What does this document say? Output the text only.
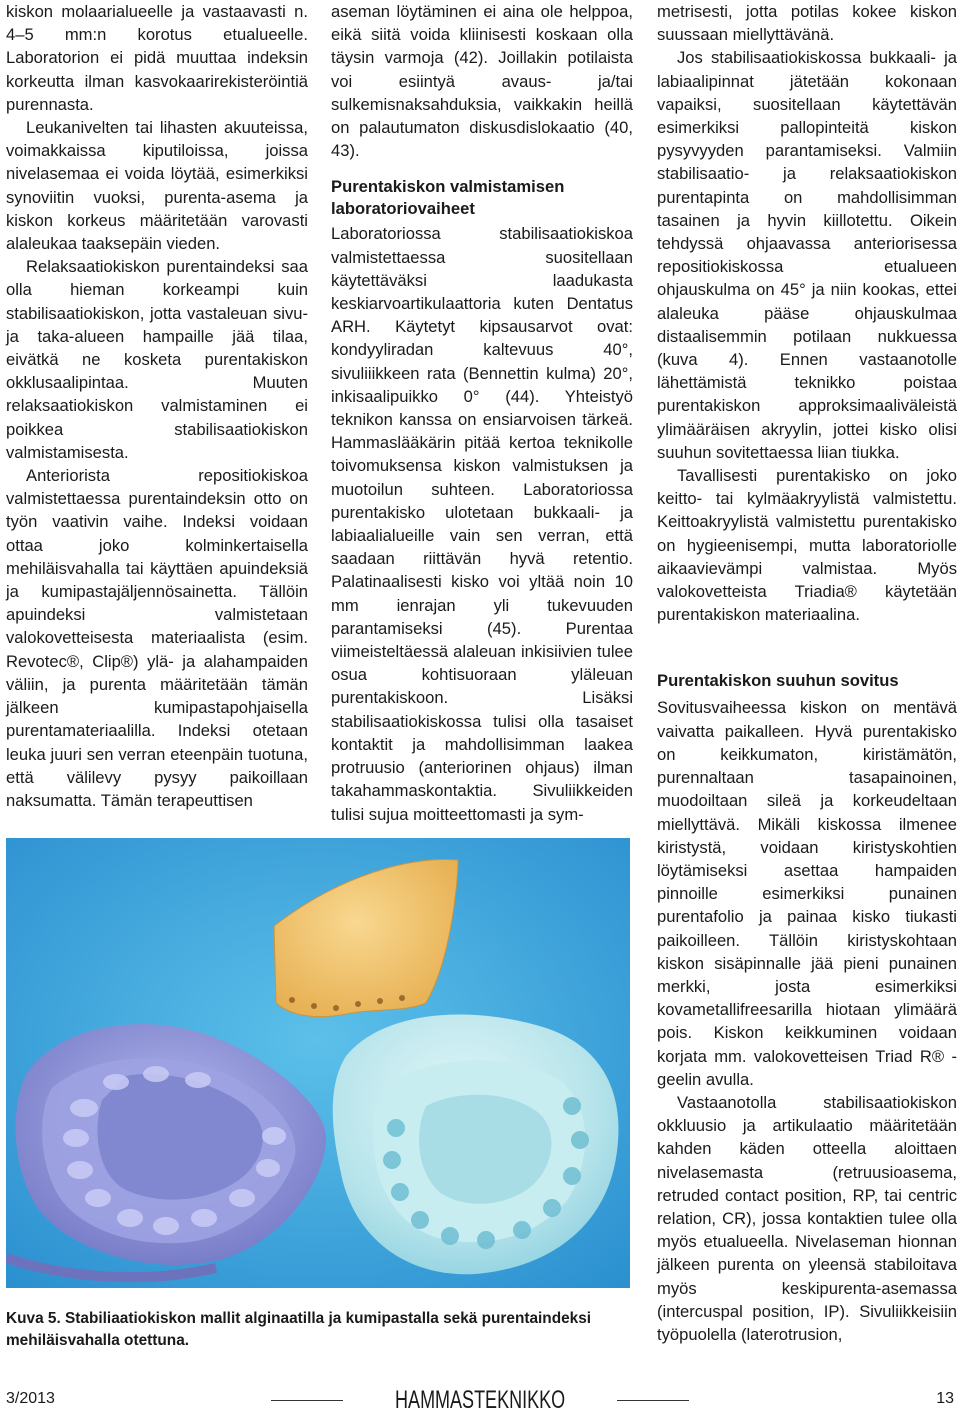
kiskon molaarialueelle ja vastaavasti n. 4–5 mm:n korotus etualueelle. Laboratorion ei pidä muuttaa indeksin korkeutta ilman kasvokaarirekisteröintiä purennasta.

Leukanivelten tai lihasten akuuteissa, voimakkaissa kiputiloissa, joissa nivelasemaa ei voida löytää, esimerkiksi synoviitin vuoksi, purenta-asema ja kiskon korkeus määritetään varovasti alaleukaa taaksepäin vieden.

Relaksaatiokiskon purentaindeksi saa olla hieman korkeampi kuin stabilisaatiokiskon, jotta vastaleuan sivu- ja taka-alueen hampaille jää tilaa, eivätkä ne kosketa purentakiskon okklusaalipintaa. Muuten relaksaatiokiskon valmistaminen ei poikkea stabilisaatiokiskon valmistamisesta.

Anteriorista repositiokiskoa valmistettaessa purentaindeksin otto on työn vaativin vaihe. Indeksi voidaan ottaa joko kolminkertaisella mehiläisvahalla tai käyttäen apuindeksiä ja kumipastajäljennösainetta. Tällöin apuindeksi valmistetaan valokovetteisesta materiaalista (esim. Revotec®, Clip®) ylä- ja alahampaiden väliin, ja purenta määritetään tämän jälkeen kumipastapohjaisella purentamateriaalilla. Indeksi otetaan leuka juuri sen verran eteenpäin tuotuna, että välilevy pysyy paikoillaan naksumatta. Tämän terapeuttisen

aseman löytäminen ei aina ole helppoa, eikä siitä voida kliinisesti koskaan olla täysin varmoja (42). Joillakin potilaista voi esiintyä avaus- ja/tai sulkemisnaksahduksia, vaikkakin heillä on palautumaton diskusdislokaatio (40, 43).

Purentakiskon valmistamisen laboratoriovaiheet

Laboratoriossa stabilisaatiokiskoa valmistettaessa suositellaan käytettäväksi laadukasta keskiarvoartikulaattoria kuten Dentatus ARH. Käytetyt kipsausarvot ovat: kondyyliradan kaltevuus 40°, sivuliiikkeen rata (Bennettin kulma) 20°, inkisaalipuikko 0° (44). Yhteistyö teknikon kanssa on ensiarvoisen tärkeä. Hammaslääkärin pitää kertoa teknikolle toivomuksensa kiskon valmistuksen ja muotoilun suhteen. Laboratoriossa purentakisko ulotetaan bukkaali- ja labiaalialueille vain sen verran, että saadaan riittävän hyvä retentio. Palatinaalisesti kisko voi yltää noin 10 mm ienrajan yli tukevuuden parantamiseksi (45). Purentaa viimeisteltäessä alaleuan inkisiivien tulee osua kohtisuoraan yläleuan purentakiskoon. Lisäksi stabilisaatiokiskossa tulisi olla tasaiset kontaktit ja mahdollisimman laakea protruusio (anteriorinen ohjaus) ilman takahammaskontaktia. Sivuliikkeiden tulisi sujua moitteettomasti ja sym-

metrisesti, jotta potilas kokee kiskon suussaan miellyttävänä.

Jos stabilisaatiokiskossa bukkaali- ja labiaalipinnat jätetään kokonaan vapaiksi, suositellaan käytettävän esimerkiksi pallopinteitä kiskon pysyvyyden parantamiseksi. Valmiin stabilisaatio- ja relaksaatiokiskon purentapinta on mahdollisimman tasainen ja hyvin kiillotettu. Oikein tehdyssä ohjaavassa anteriorisessa repositiokiskossa etualueen ohjauskulma on 45° ja niin kookas, ettei alaleuka pääse ohjauskulmaa distaalisemmin potilaan nukkuessa (kuva 4). Ennen vastaanotolle lähettämistä teknikko poistaa purentakiskon approksimaaliväleistä ylimääräisen akryylin, jottei kisko olisi suuhun sovitettaessa liian tiukka.

Tavallisesti purentakisko on joko keitto- tai kylmäakryylistä valmistettu. Keittoakryylistä valmistettu purentakisko on hygieenisempi, mutta laboratoriolle aikaavievämpi valmistaa. Myös valokovetteista Triadia® käytetään purentakiskon materiaalina.

Purentakiskon suuhun sovitus

Sovitusvaiheessa kiskon on mentävä vaivatta paikalleen. Hyvä purentakisko on keikkumaton, kiristämätön, purennaltaan tasapainoinen, muodoiltaan sileä ja korkeudeltaan miellyttävä. Mikäli kiskossa ilmenee kiristystä, voidaan kiristyskohtien löytämiseksi asettaa hampaiden pinnoille esimerkiksi punainen purentafolio ja painaa kisko tiukasti paikoilleen. Tällöin kiristyskohtaan kiskon sisäpinnalle jää pieni punainen merkki, josta esimerkiksi kovametallifreesarilla hiotaan ylimäärä pois. Kiskon keikkuminen voidaan korjata mm. valokovetteisen Triad R® -geelin avulla.

Vastaanotolla stabilisaatiokiskon okkluusio ja artikulaatio määritetään kahden käden otteella aloittaen nivelasemasta (retruusioasema, retruded contact position, RP, tai centric relation, CR), jossa kontaktien tulee olla myös etualueella. Nivelaseman hionnan jälkeen purenta on yleensä stabiloitava myös keskipurenta-asemassa (intercuspal position, IP). Sivuliikkeisiin työpuolella (laterotrusion,

Kuva 5. Stabiliaatiokiskon mallit alginaatilla ja kumipastalla sekä purentaindeksi mehiläisvahalla otettuna.
3/2013	HAMMASTEKNIKKO	13
